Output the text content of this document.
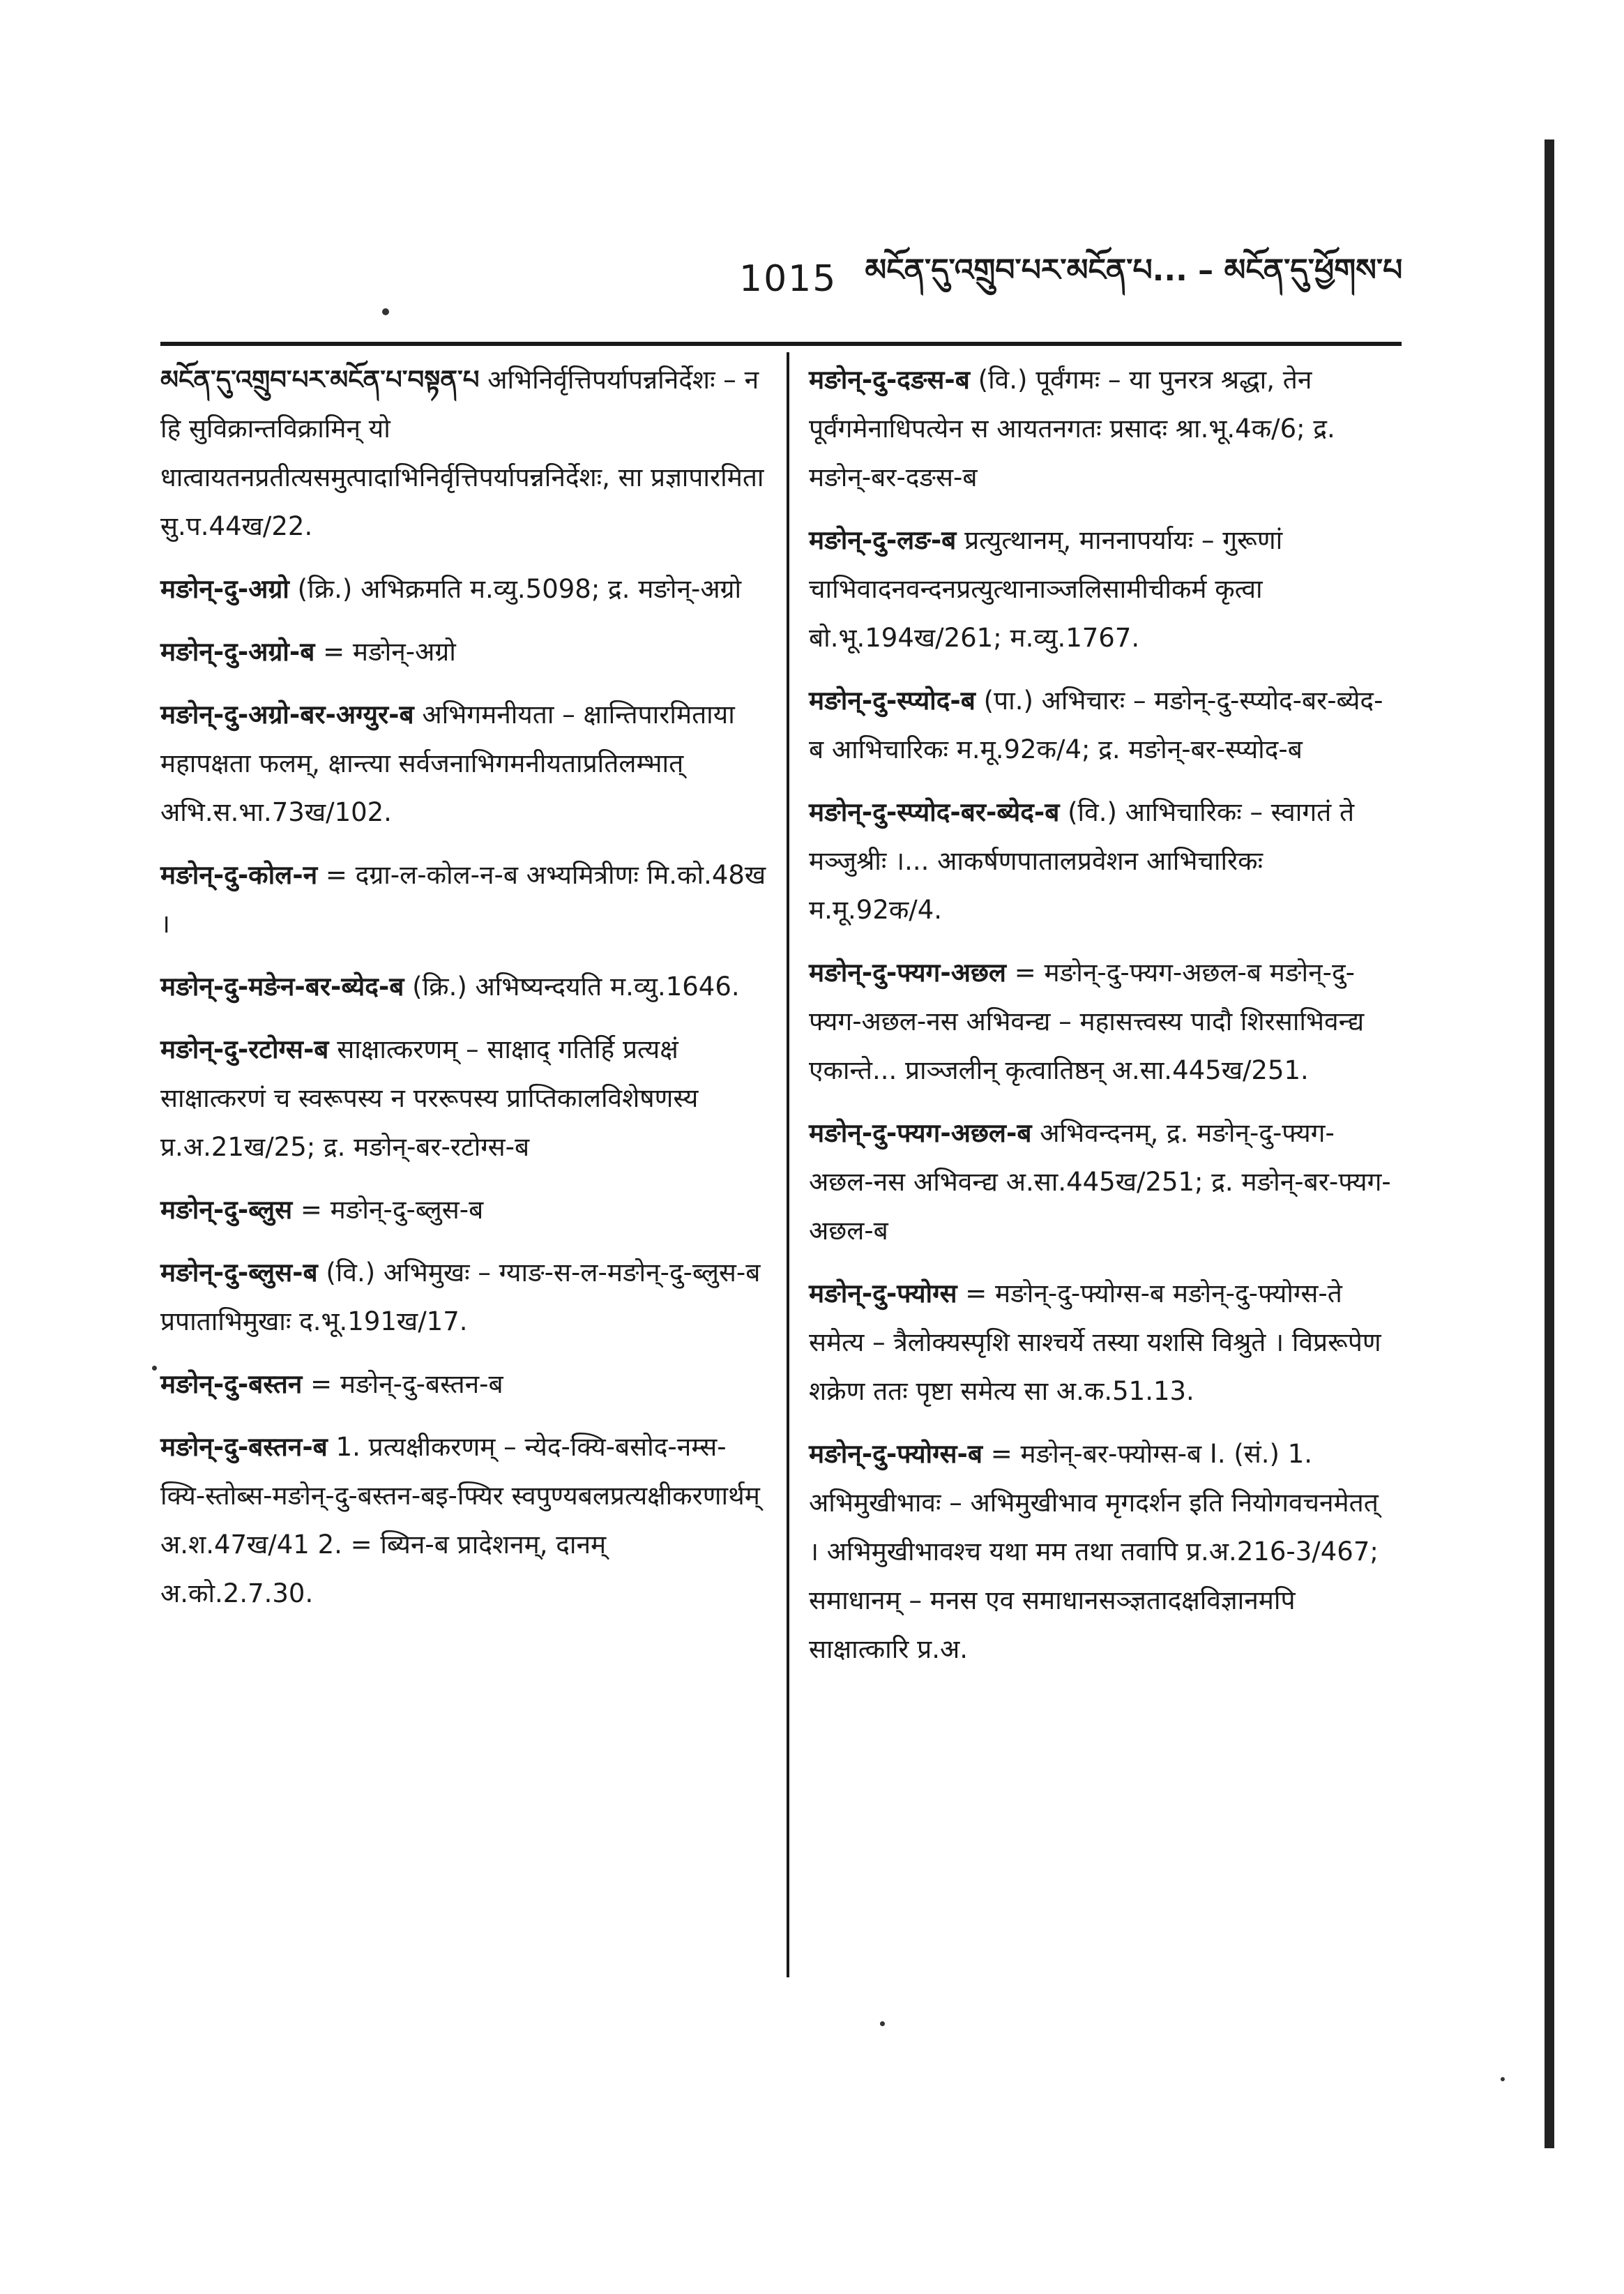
1015 མངོན་དུ་འགྲུབ་པར་མངོན་པ... – མངོན་དུ་ཕྱོགས་པ
མངོན་དུ་འགྲུབ་པར་མངོན་པ་བསྟན་པ अभिनिर्वृत्तिपर्यापन्ननिर्देशः – न हि सुविक्रान्तविक्रामिन् यो धात्वायतनप्रतीत्यसमुत्पादाभिनिर्वृत्तिपर्यापन्ननिर्देशः, सा प्रज्ञापारमिता सु.प.44ख/22.
मङोन्-दु-अग्रो (क्रि.) अभिक्रमति म.व्यु.5098; द्र. मङोन्-अग्रो
मङोन्-दु-अग्रो-ब = मङोन्-अग्रो
मङोन्-दु-अग्रो-बर-अग्युर-ब अभिगमनीयता – क्षान्तिपारमिताया महापक्षता फलम्, क्षान्त्या सर्वजनाभिगमनीयताप्रतिलम्भात् अभि.स.भा.73ख/102.
मङोन्-दु-कोल-न = दग्रा-ल-कोल-न-ब अभ्यमित्रीणः मि.को.48ख ।
मङोन्-दु-मङेन-बर-ब्येद-ब (क्रि.) अभिष्यन्दयति म.व्यु.1646.
मङोन्-दु-रटोग्स-ब साक्षात्करणम् – साक्षाद् गतिर्हि प्रत्यक्षं साक्षात्करणं च स्वरूपस्य न पररूपस्य प्राप्तिकालविशेषणस्य प्र.अ.21ख/25; द्र. मङोन्-बर-रटोग्स-ब
मङोन्-दु-ब्लुस = मङोन्-दु-ब्लुस-ब
मङोन्-दु-ब्लुस-ब (वि.) अभिमुखः – ग्याङ-स-ल-मङोन्-दु-ब्लुस-ब प्रपाताभिमुखाः द.भू.191ख/17.
मङोन्-दु-बस्तन = मङोन्-दु-बस्तन-ब
मङोन्-दु-बस्तन-ब 1. प्रत्यक्षीकरणम् – न्येद-क्यि-बसोद-नम्स-क्यि-स्तोब्स-मङोन्-दु-बस्तन-बइ-फ्यिर स्वपुण्यबलप्रत्यक्षीकरणार्थम् अ.श.47ख/41 2. = ब्यिन-ब प्रादेशनम्, दानम् अ.को.2.7.30.
मङोन्-दु-दङस-ब (वि.) पूर्वंगमः – या पुनरत्र श्रद्धा, तेन पूर्वंगमेनाधिपत्येन स आयतनगतः प्रसादः श्रा.भू.4क/6; द्र. मङोन्-बर-दङस-ब
मङोन्-दु-लङ-ब प्रत्युत्थानम्, माननापर्यायः – गुरूणां चाभिवादनवन्दनप्रत्युत्थानाञ्जलिसामीचीकर्म कृत्वा बो.भू.194ख/261; म.व्यु.1767.
मङोन्-दु-स्प्योद-ब (पा.) अभिचारः – मङोन्-दु-स्प्योद-बर-ब्येद-ब आभिचारिकः म.मू.92क/4; द्र. मङोन्-बर-स्प्योद-ब
मङोन्-दु-स्प्योद-बर-ब्येद-ब (वि.) आभिचारिकः – स्वागतं ते मञ्जुश्रीः ।... आकर्षणपातालप्रवेशन आभिचारिकः म.मू.92क/4.
मङोन्-दु-फ्यग-अछल = मङोन्-दु-फ्यग-अछल-ब मङोन्-दु-फ्यग-अछल-नस अभिवन्द्य – महासत्त्वस्य पादौ शिरसाभिवन्द्य एकान्ते... प्राञ्जलीन् कृत्वातिष्ठन् अ.सा.445ख/251.
मङोन्-दु-फ्यग-अछल-ब अभिवन्दनम्, द्र. मङोन्-दु-फ्यग-अछल-नस अभिवन्द्य अ.सा.445ख/251; द्र. मङोन्-बर-फ्यग-अछल-ब
मङोन्-दु-फ्योग्स = मङोन्-दु-फ्योग्स-ब मङोन्-दु-फ्योग्स-ते समेत्य – त्रैलोक्यस्पृशि साश्चर्ये तस्या यशसि विश्रुते । विप्ररूपेण शक्रेण ततः पृष्टा समेत्य सा अ.क.51.13.
मङोन्-दु-फ्योग्स-ब = मङोन्-बर-फ्योग्स-ब I. (सं.) 1. अभिमुखीभावः – अभिमुखीभाव मृगदर्शन इति नियोगवचनमेतत् । अभिमुखीभावश्च यथा मम तथा तवापि प्र.अ.216-3/467; समाधानम् – मनस एव समाधानसञ्ज्ञतादक्षविज्ञानमपि साक्षात्कारि प्र.अ.
